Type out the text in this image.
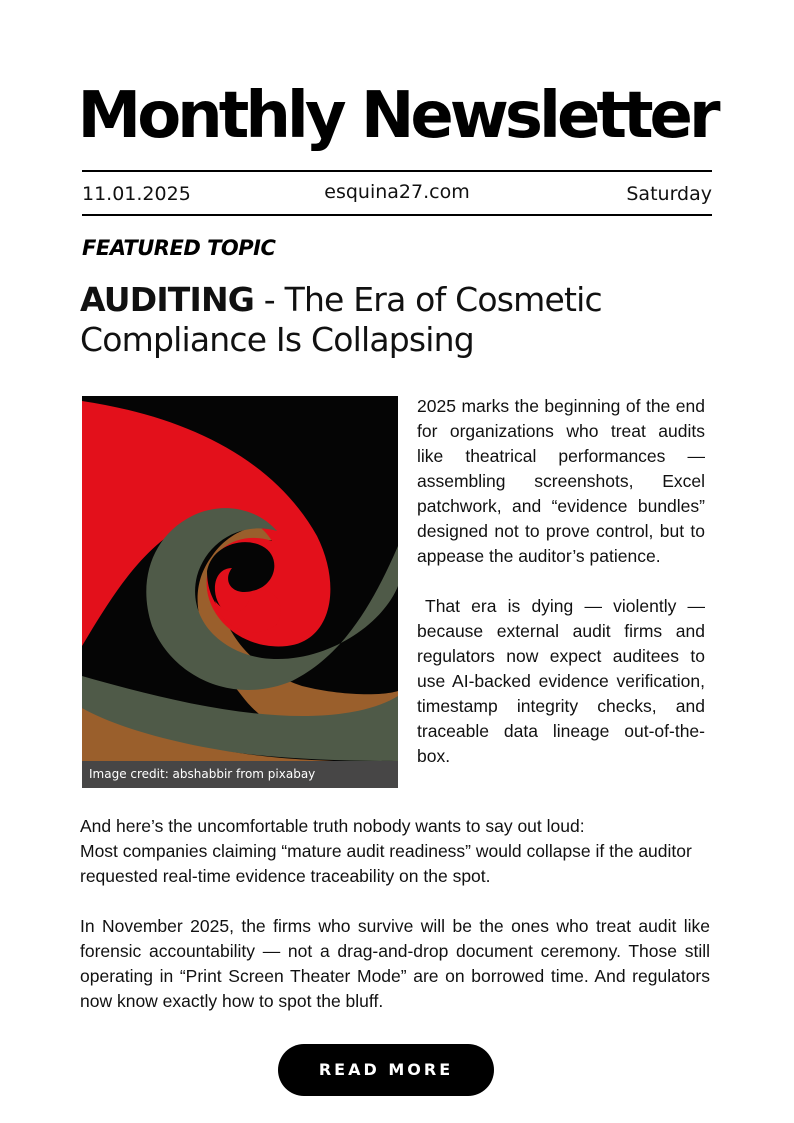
Monthly Newsletter
11.01.2025	esquina27.com	Saturday
FEATURED TOPIC
AUDITING - The Era of Cosmetic Compliance Is Collapsing
Image credit: abshabbir from pixabay

2025 marks the beginning of the end for organizations who treat audits like theatrical performances — assembling screenshots, Excel patchwork, and “evidence bundles” designed not to prove control, but to appease the auditor’s patience.

That era is dying — violently — because external audit firms and regulators now expect auditees to use AI-backed evidence verification, timestamp integrity checks, and traceable data lineage out-of-the-box.

And here’s the uncomfortable truth nobody wants to say out loud:

Most companies claiming “mature audit readiness” would collapse if the auditor requested real-time evidence traceability on the spot.

In November 2025, the firms who survive will be the ones who treat audit like forensic accountability — not a drag-and-drop document ceremony. Those still operating in “Print Screen Theater Mode” are on borrowed time. And regulators now know exactly how to spot the bluff.

READ MORE
